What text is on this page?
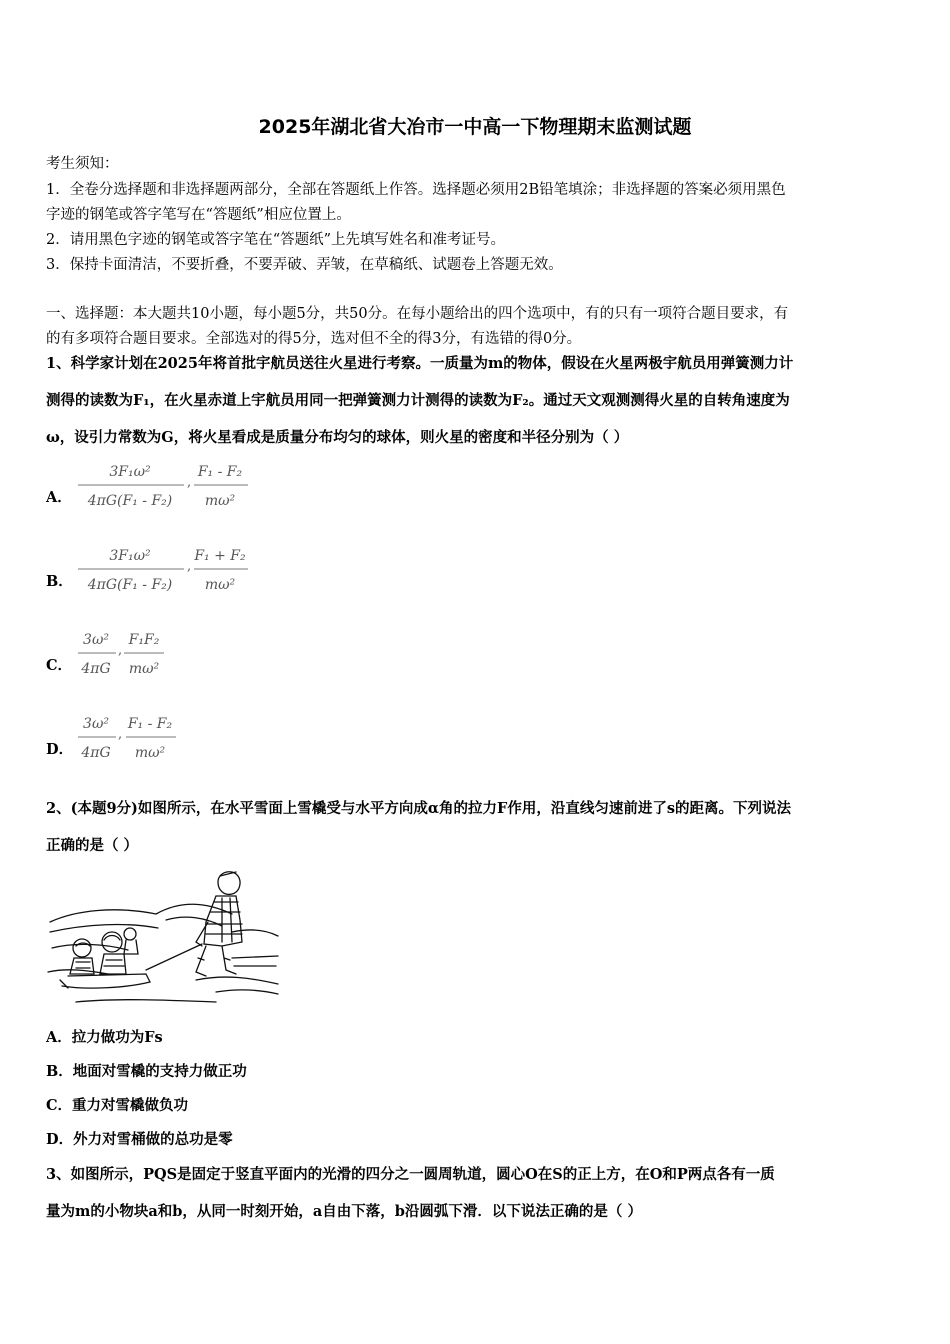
2025年湖北省大冶市一中高一下物理期末监测试题
考生须知：
1．全卷分选择题和非选择题两部分，全部在答题纸上作答。选择题必须用2B铅笔填涂；非选择题的答案必须用黑色
字迹的钢笔或答字笔写在“答题纸”相应位置上。
2．请用黑色字迹的钢笔或答字笔在“答题纸”上先填写姓名和准考证号。
3．保持卡面清洁，不要折叠，不要弄破、弄皱，在草稿纸、试题卷上答题无效。
一、选择题：本大题共10小题，每小题5分，共50分。在每小题给出的四个选项中，有的只有一项符合题目要求，有
的有多项符合题目要求。全部选对的得5分，选对但不全的得3分，有选错的得0分。
1、科学家计划在2025年将首批宇航员送往火星进行考察。一质量为m的物体，假设在火星两极宇航员用弹簧测力计
测得的读数为F₁，在火星赤道上宇航员用同一把弹簧测力计测得的读数为F₂。通过天文观测测得火星的自转角速度为
ω，设引力常数为G，将火星看成是质量分布均匀的球体，则火星的密度和半径分别为（ ）
A．
3F₁ω²
4πG(F₁ - F₂)
,
F₁ - F₂
mω²
B．
3F₁ω²
4πG(F₁ - F₂)
,
F₁ + F₂
mω²
C．
3ω²
4πG
,
F₁F₂
mω²
D．
3ω²
4πG
,
F₁ - F₂
mω²
2、(本题9分)如图所示，在水平雪面上雪橇受与水平方向成α角的拉力F作用，沿直线匀速前进了s的距离。下列说法
正确的是（ ）
A．拉力做功为Fs
B．地面对雪橇的支持力做正功
C．重力对雪橇做负功
D．外力对雪桶做的总功是零
3、如图所示，PQS是固定于竖直平面内的光滑的四分之一圆周轨道，圆心O在S的正上方，在O和P两点各有一质
量为m的小物块a和b，从同一时刻开始，a自由下落，b沿圆弧下滑．以下说法正确的是（ ）
